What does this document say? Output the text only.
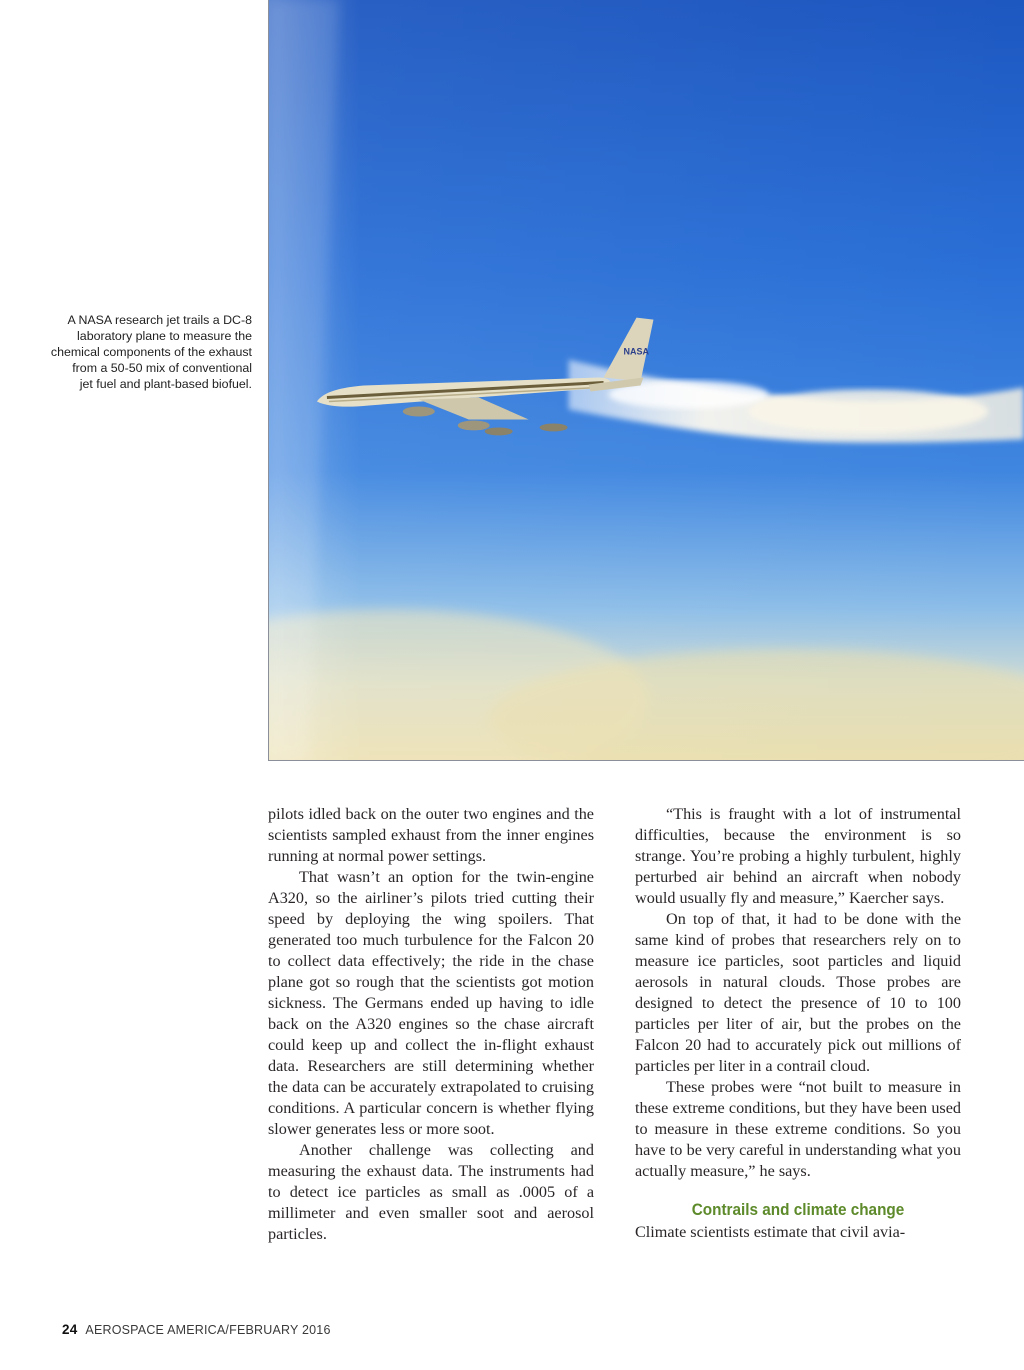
NASA

A NASA research jet trails a DC-8
laboratory plane to measure the
chemical components of the exhaust
from a 50-50 mix of conventional
jet fuel and plant-based biofuel.

pilots idled back on the outer two engines and the scientists sampled exhaust from the inner engines running at normal power settings.

That wasn’t an option for the twin-engine A320, so the airliner’s pilots tried cutting their speed by deploying the wing spoilers. That generated too much turbulence for the Falcon 20 to collect data effectively; the ride in the chase plane got so rough that the scientists got motion sickness. The Germans ended up having to idle back on the A320 engines so the chase aircraft could keep up and collect the in-flight exhaust data. Researchers are still determining whether the data can be accurately extrapolated to cruising conditions. A particular concern is whether flying slower generates less or more soot.

Another challenge was collecting and measuring the exhaust data. The instruments had to detect ice particles as small as .0005 of a millimeter and even smaller soot and aerosol particles.

“This is fraught with a lot of instrumental difficulties, because the environment is so strange. You’re probing a highly turbulent, highly perturbed air behind an aircraft when nobody would usually fly and measure,” Kaercher says.

On top of that, it had to be done with the same kind of probes that researchers rely on to measure ice particles, soot particles and liquid aerosols in natural clouds. Those probes are designed to detect the presence of 10 to 100 particles per liter of air, but the probes on the Falcon 20 had to accurately pick out millions of particles per liter in a contrail cloud.

These probes were “not built to measure in these extreme conditions, but they have been used to measure in these extreme conditions. So you have to be very careful in understanding what you actually measure,” he says.

Contrails and climate change

Climate scientists estimate that civil avia-

24 AEROSPACE AMERICA/FEBRUARY 2016
